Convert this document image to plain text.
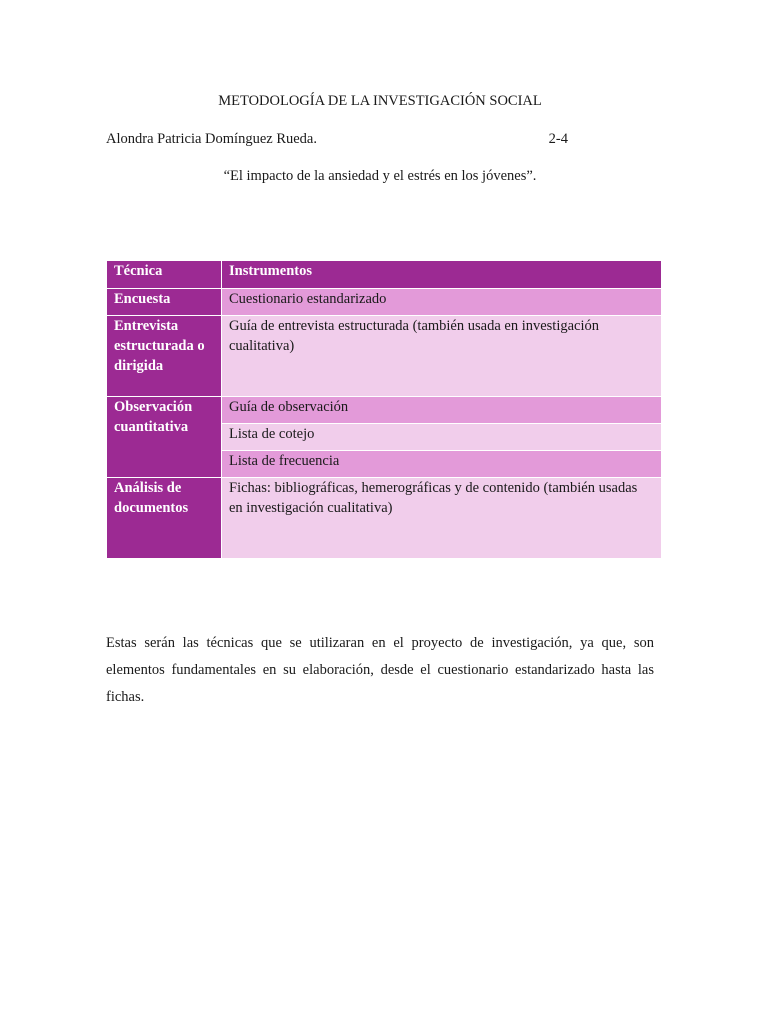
METODOLOGÍA DE LA INVESTIGACIÓN SOCIAL
Alondra Patricia Domínguez Rueda.	2-4
“El impacto de la ansiedad y el estrés en los jóvenes”.
Técnica	Instrumentos
Encuesta	Cuestionario estandarizado
Entrevista estructurada o dirigida	Guía de entrevista estructurada (también usada en investigación cualitativa)
Observación cuantitativa	Guía de observación
	Lista de cotejo
	Lista de frecuencia
Análisis de documentos	Fichas: bibliográficas, hemerográficas y de contenido (también usadas en investigación cualitativa)

Estas serán las técnicas que se utilizaran en el proyecto de investigación, ya que, son elementos fundamentales en su elaboración, desde el cuestionario estandarizado hasta las fichas.
